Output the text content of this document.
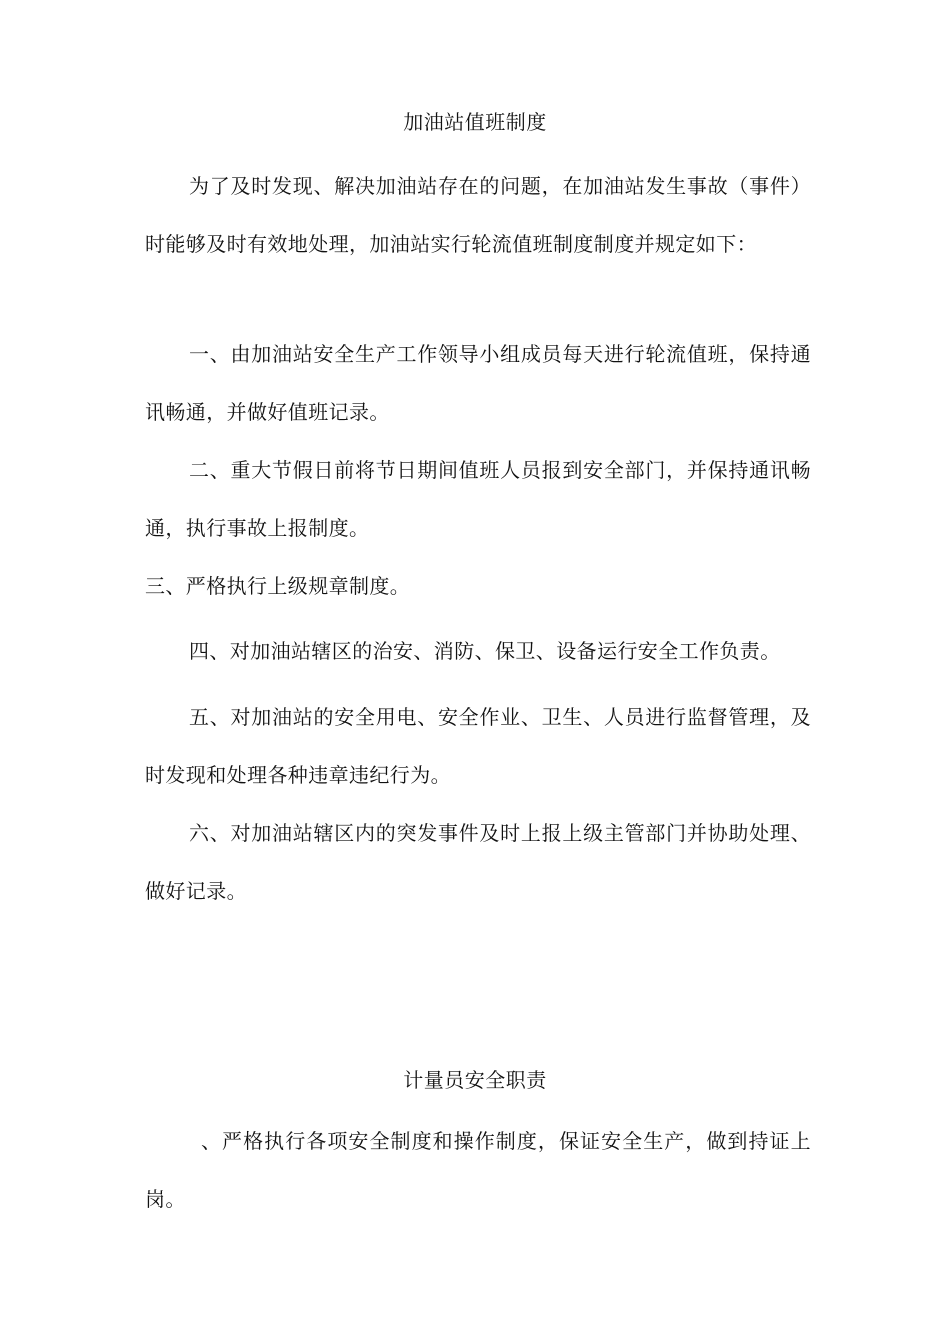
加油站值班制度
为了及时发现、解决加油站存在的问题，在加油站发生事故（事件）时能够及时有效地处理，加油站实行轮流值班制度制度并规定如下：
一、由加油站安全生产工作领导小组成员每天进行轮流值班，保持通讯畅通，并做好值班记录。
二、重大节假日前将节日期间值班人员报到安全部门，并保持通讯畅通，执行事故上报制度。
三、严格执行上级规章制度。
四、对加油站辖区的治安、消防、保卫、设备运行安全工作负责。
五、对加油站的安全用电、安全作业、卫生、人员进行监督管理，及时发现和处理各种违章违纪行为。
六、对加油站辖区内的突发事件及时上报上级主管部门并协助处理、做好记录。
计量员安全职责
、严格执行各项安全制度和操作制度，保证安全生产，做到持证上岗。
